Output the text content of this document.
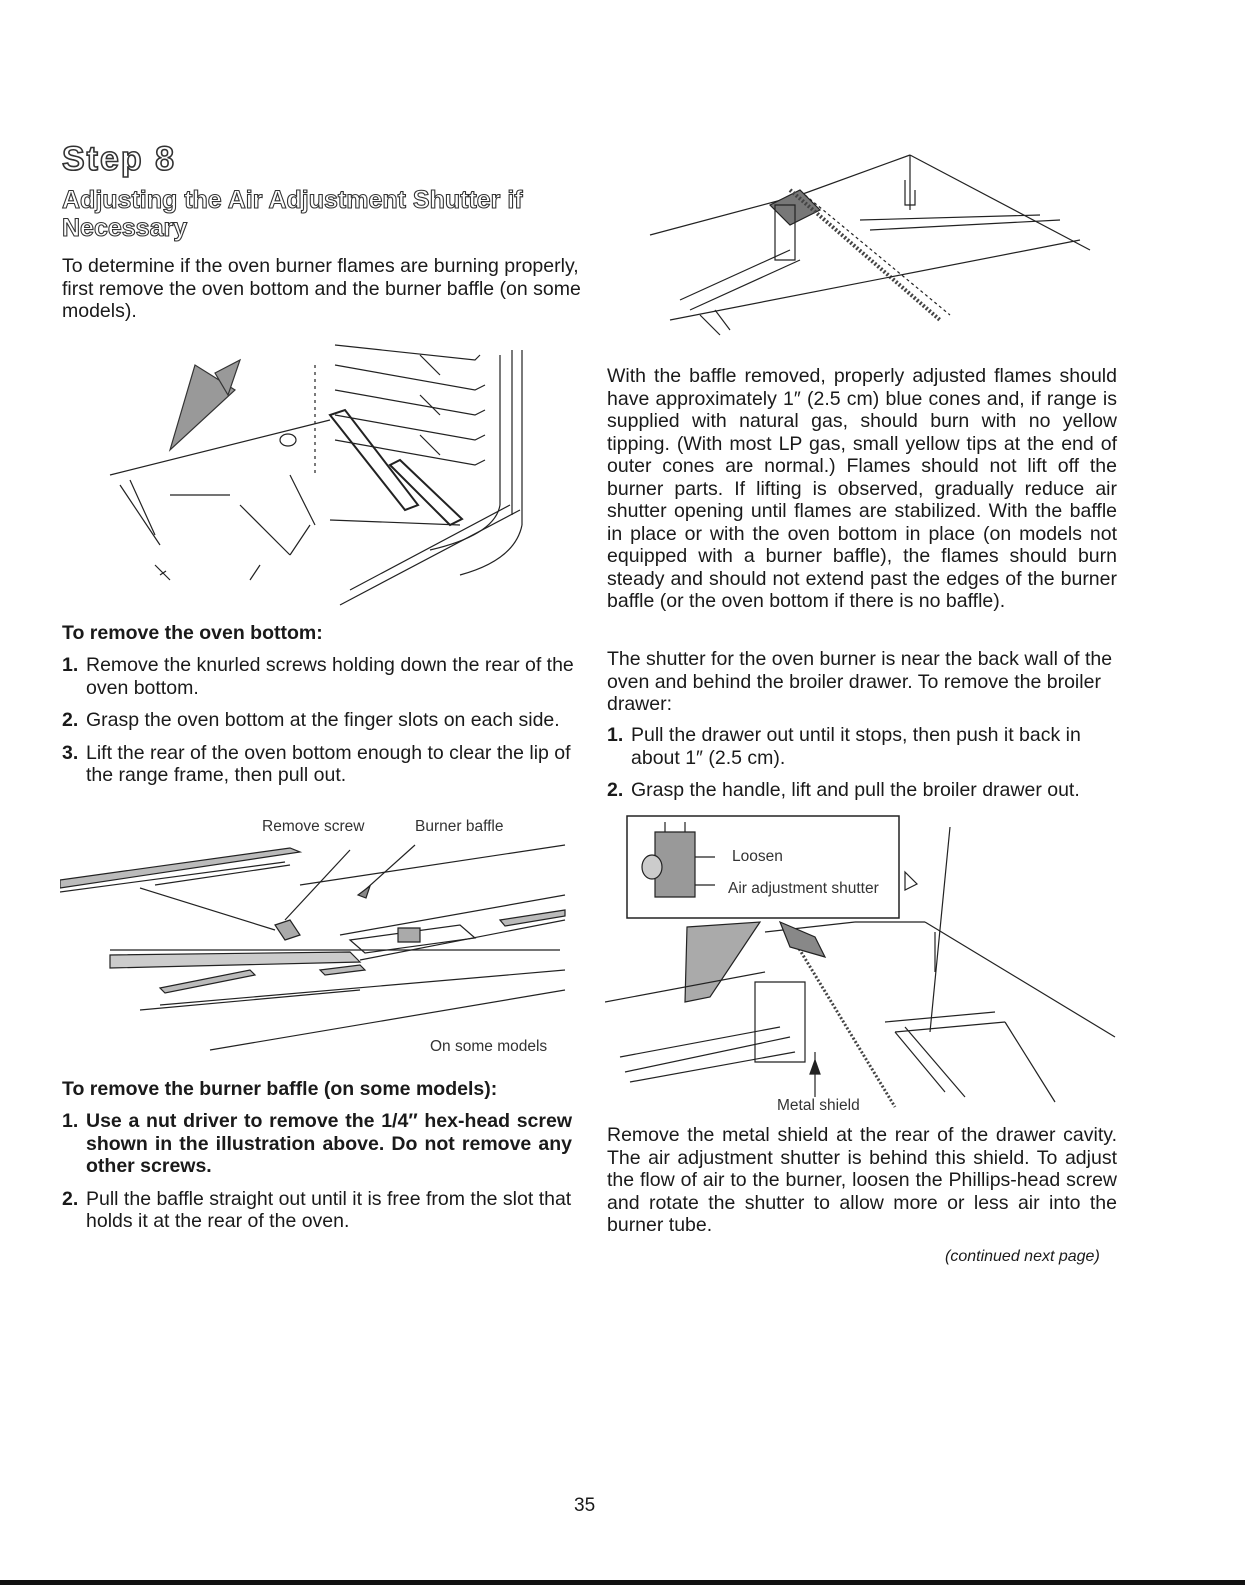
Step 8
Adjusting the Air Adjustment Shutter if
Necessary
To determine if the oven burner flames are burning properly, first remove the oven bottom and the burner baffle (on some models).
To remove the oven bottom:
1. Remove the knurled screws holding down the rear of the oven bottom.
2. Grasp the oven bottom at the finger slots on each side.
3. Lift the rear of the oven bottom enough to clear the lip of the range frame, then pull out.
Remove screw	Burner baffle
On some models
To remove the burner baffle (on some models):
1. Use a nut driver to remove the 1/4″ hex-head screw shown in the illustration above. Do not remove any other screws.
2. Pull the baffle straight out until it is free from the slot that holds it at the rear of the oven.
With the baffle removed, properly adjusted flames should have approximately 1″ (2.5 cm) blue cones and, if range is supplied with natural gas, should burn with no yellow tipping. (With most LP gas, small yellow tips at the end of outer cones are normal.) Flames should not lift off the burner parts. If lifting is observed, gradually reduce air shutter opening until flames are stabilized. With the baffle in place or with the oven bottom in place (on models not equipped with a burner baffle), the flames should burn steady and should not extend past the edges of the burner baffle (or the oven bottom if there is no baffle).
The shutter for the oven burner is near the back wall of the oven and behind the broiler drawer. To remove the broiler drawer:
1. Pull the drawer out until it stops, then push it back in about 1″ (2.5 cm).
2. Grasp the handle, lift and pull the broiler drawer out.
Loosen
Air adjustment shutter
Metal shield
Remove the metal shield at the rear of the drawer cavity. The air adjustment shutter is behind this shield. To adjust the flow of air to the burner, loosen the Phillips-head screw and rotate the shutter to allow more or less air into the burner tube.
(continued next page)
35
